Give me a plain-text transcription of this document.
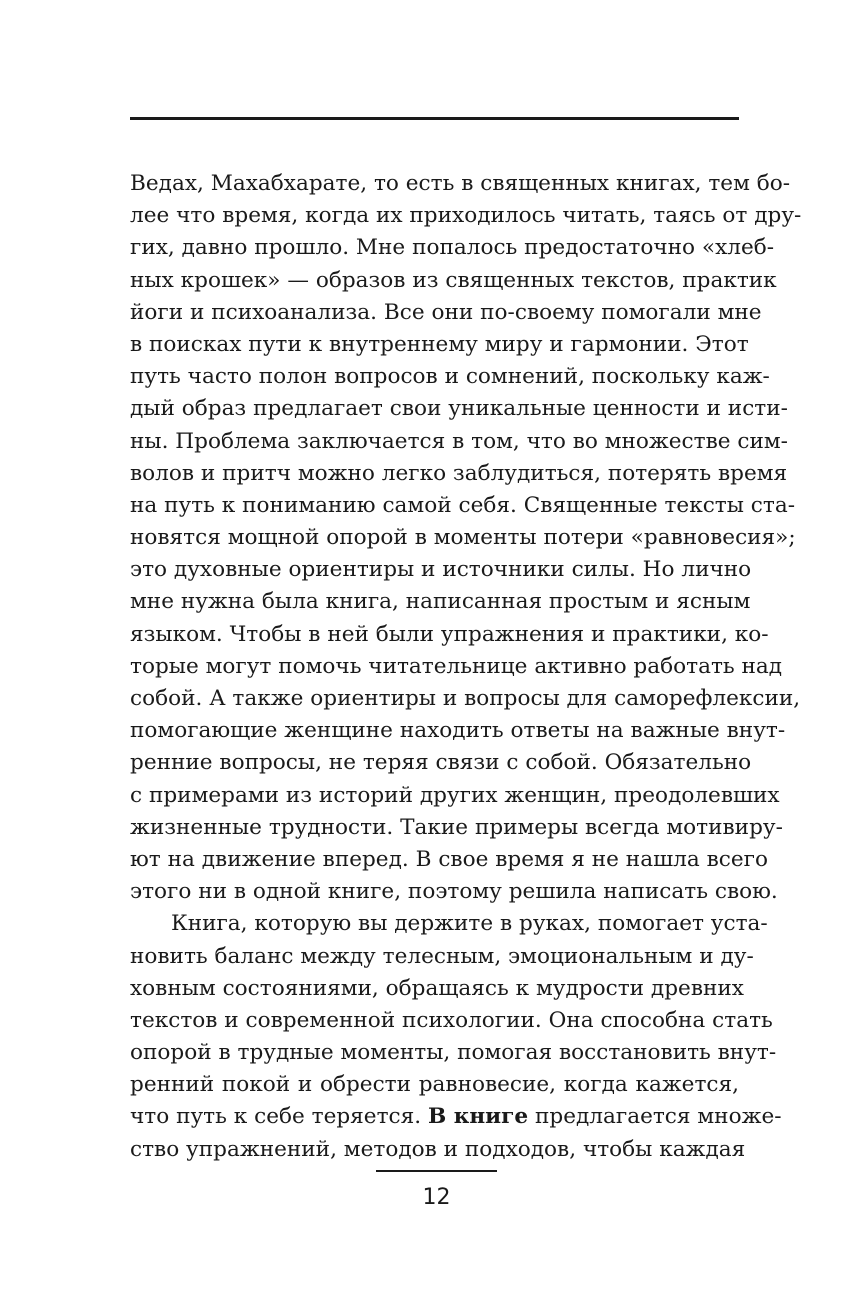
Ведах, Махабхарате, то есть в священных книгах, тем бо-
лее что время, когда их приходилось читать, таясь от дру-
гих, давно прошло. Мне попалось предостаточно «хлеб-
ных крошек» — образов из священных текстов, практик
йоги и психоанализа. Все они по-своему помогали мне
в поисках пути к внутреннему миру и гармонии. Этот
путь часто полон вопросов и сомнений, поскольку каж-
дый образ предлагает свои уникальные ценности и исти-
ны. Проблема заключается в том, что во множестве сим-
волов и притч можно легко заблудиться, потерять время
на путь к пониманию самой себя. Священные тексты ста-
новятся мощной опорой в моменты потери «равновесия»;
это духовные ориентиры и источники силы. Но лично
мне нужна была книга, написанная простым и ясным
языком. Чтобы в ней были упражнения и практики, ко-
торые могут помочь читательнице активно работать над
собой. А также ориентиры и вопросы для саморефлексии,
помогающие женщине находить ответы на важные внут-
ренние вопросы, не теряя связи с собой. Обязательно
с примерами из историй других женщин, преодолевших
жизненные трудности. Такие примеры всегда мотивиру-
ют на движение вперед. В свое время я не нашла всего
этого ни в одной книге, поэтому решила написать свою.
Книга, которую вы держите в руках, помогает уста-
новить баланс между телесным, эмоциональным и ду-
ховным состояниями, обращаясь к мудрости древних
текстов и современной психологии. Она способна стать
опорой в трудные моменты, помогая восстановить внут-
ренний покой и обрести равновесие, когда кажется,
что путь к себе теряется. В книге предлагается множе-
ство упражнений, методов и подходов, чтобы каждая
12
